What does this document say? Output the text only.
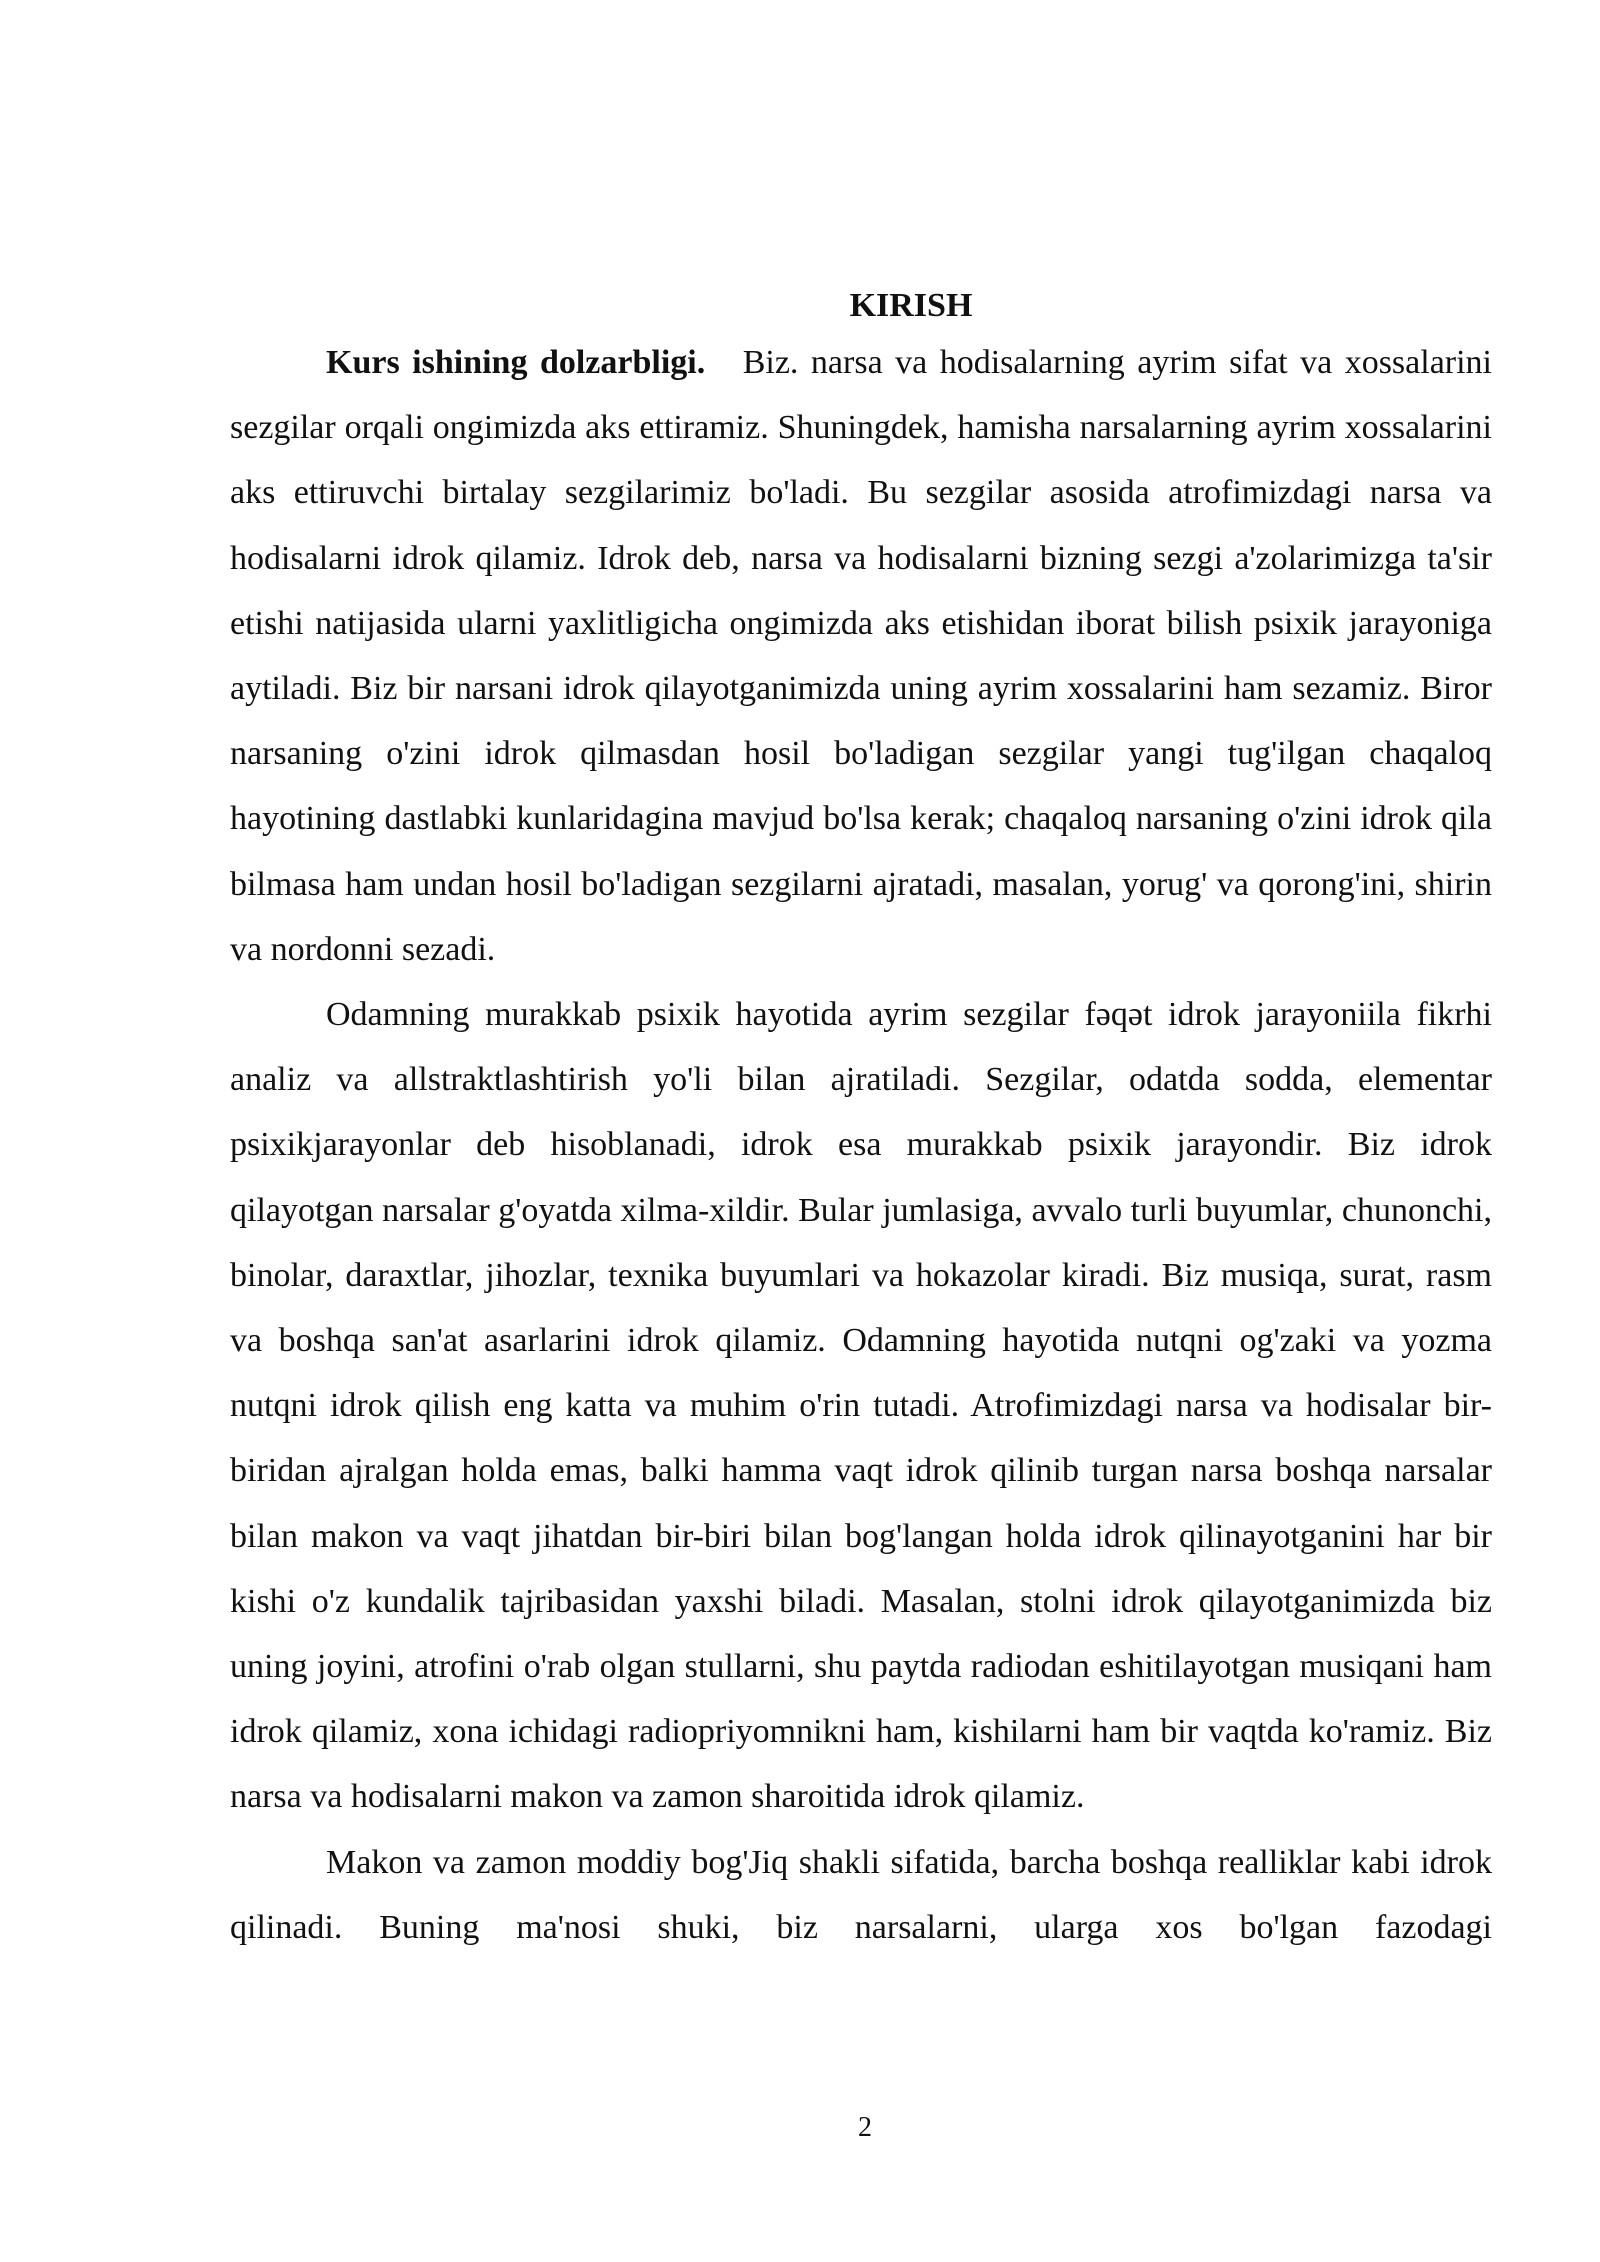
KIRISH

Kurs ishining dolzarbligi. Biz. narsa va hodisalarning ayrim sifat va xossalarini sezgilar orqali ongimizda aks ettiramiz. Shuningdek, hamisha narsalarning ayrim xossalarini aks ettiruvchi birtalay sezgilarimiz bo'ladi. Bu sezgilar asosida atrofimizdagi narsa va hodisalarni idrok qilamiz. Idrok deb, narsa va hodisalarni bizning sezgi a'zolarimizga ta'sir etishi natijasida ularni yaxlitligicha ongimizda aks etishidan iborat bilish psixik jarayoniga aytiladi. Biz bir narsani idrok qilayotganimizda uning ayrim xossalarini ham sezamiz. Biror narsaning o'zini idrok qilmasdan hosil bo'ladigan sezgilar yangi tug'ilgan chaqaloq hayotining dastlabki kunlaridagina mavjud bo'lsa kerak; chaqaloq narsaning o'zini idrok qila bilmasa ham undan hosil bo'ladigan sezgilarni ajratadi, masalan, yorug' va qorong'ini, shirin va nordonni sezadi.

Odamning murakkab psixik hayotida ayrim sezgilar fəqət idrok jarayoniila fikrhi analiz va allstraktlashtirish yo'li bilan ajratiladi. Sezgilar, odatda sodda, elementar psixikjarayonlar deb hisoblanadi, idrok esa murakkab psixik jarayondir. Biz idrok qilayotgan narsalar g'oyatda xilma-xildir. Bular jumlasiga, avvalo turli buyumlar, chunonchi, binolar, daraxtlar, jihozlar, texnika buyumlari va hokazolar kiradi. Biz musiqa, surat, rasm va boshqa san'at asarlarini idrok qilamiz. Odamning hayotida nutqni og'zaki va yozma nutqni idrok qilish eng katta va muhim o'rin tutadi. Atrofimizdagi narsa va hodisalar bir-biridan ajralgan holda emas, balki hamma vaqt idrok qilinib turgan narsa boshqa narsalar bilan makon va vaqt jihatdan bir-biri bilan bog'langan holda idrok qilinayotganini har bir kishi o'z kundalik tajribasidan yaxshi biladi. Masalan, stolni idrok qilayotganimizda biz uning joyini, atrofini o'rab olgan stullarni, shu paytda radiodan eshitilayotgan musiqani ham idrok qilamiz, xona ichidagi radiopriyomnikni ham, kishilarni ham bir vaqtda ko'ramiz. Biz narsa va hodisalarni makon va zamon sharoitida idrok qilamiz.

Makon va zamon moddiy bog'Jiq shakli sifatida, barcha boshqa realliklar kabi idrok qilinadi. Buning ma'nosi shuki, biz narsalarni, ularga xos bo'lgan fazodagi

2
